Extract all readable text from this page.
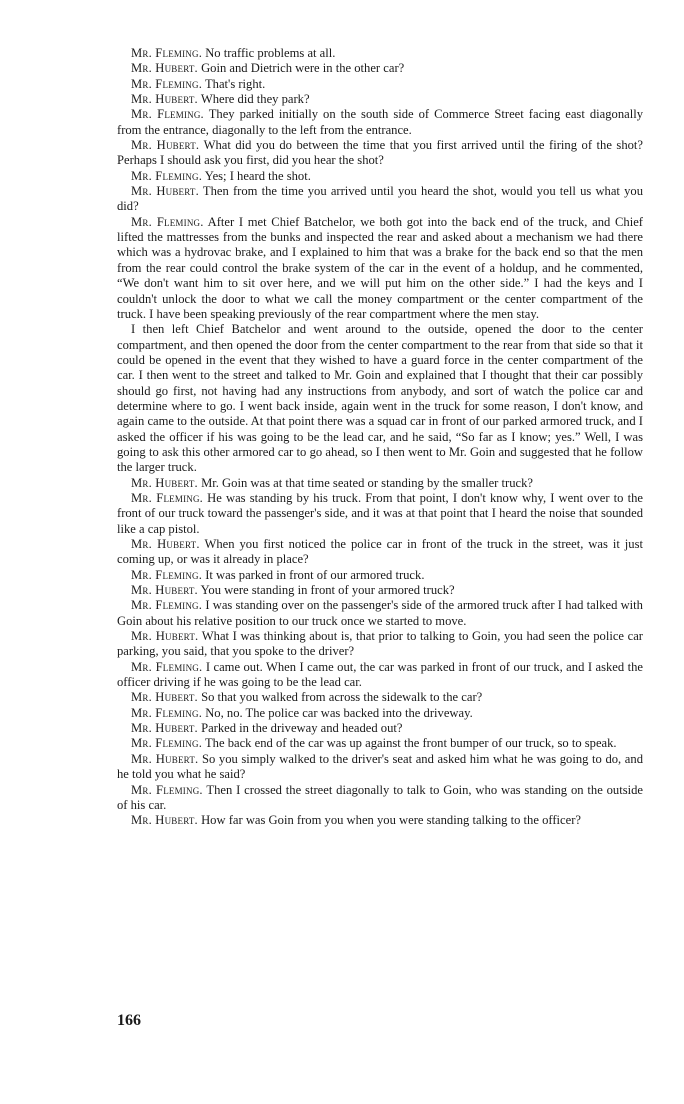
Mr. Fleming. No traffic problems at all.

Mr. Hubert. Goin and Dietrich were in the other car?

Mr. Fleming. That's right.

Mr. Hubert. Where did they park?

Mr. Fleming. They parked initially on the south side of Commerce Street facing east diagonally from the entrance, diagonally to the left from the entrance.

Mr. Hubert. What did you do between the time that you first arrived until the firing of the shot? Perhaps I should ask you first, did you hear the shot?

Mr. Fleming. Yes; I heard the shot.

Mr. Hubert. Then from the time you arrived until you heard the shot, would you tell us what you did?

Mr. Fleming. After I met Chief Batchelor, we both got into the back end of the truck, and Chief lifted the mattresses from the bunks and inspected the rear and asked about a mechanism we had there which was a hydrovac brake, and I explained to him that was a brake for the back end so that the men from the rear could control the brake system of the car in the event of a holdup, and he commented, “We don't want him to sit over here, and we will put him on the other side.” I had the keys and I couldn't unlock the door to what we call the money compartment or the center compartment of the truck. I have been speaking previously of the rear compartment where the men stay.

I then left Chief Batchelor and went around to the outside, opened the door to the center compartment, and then opened the door from the center compartment to the rear from that side so that it could be opened in the event that they wished to have a guard force in the center compartment of the car. I then went to the street and talked to Mr. Goin and explained that I thought that their car possibly should go first, not having had any instructions from anybody, and sort of watch the police car and determine where to go. I went back inside, again went in the truck for some reason, I don't know, and again came to the outside. At that point there was a squad car in front of our parked armored truck, and I asked the officer if his was going to be the lead car, and he said, “So far as I know; yes.” Well, I was going to ask this other armored car to go ahead, so I then went to Mr. Goin and suggested that he follow the larger truck.

Mr. Hubert. Mr. Goin was at that time seated or standing by the smaller truck?

Mr. Fleming. He was standing by his truck. From that point, I don't know why, I went over to the front of our truck toward the passenger's side, and it was at that point that I heard the noise that sounded like a cap pistol.

Mr. Hubert. When you first noticed the police car in front of the truck in the street, was it just coming up, or was it already in place?

Mr. Fleming. It was parked in front of our armored truck.

Mr. Hubert. You were standing in front of your armored truck?

Mr. Fleming. I was standing over on the passenger's side of the armored truck after I had talked with Goin about his relative position to our truck once we started to move.

Mr. Hubert. What I was thinking about is, that prior to talking to Goin, you had seen the police car parking, you said, that you spoke to the driver?

Mr. Fleming. I came out. When I came out, the car was parked in front of our truck, and I asked the officer driving if he was going to be the lead car.

Mr. Hubert. So that you walked from across the sidewalk to the car?

Mr. Fleming. No, no. The police car was backed into the driveway.

Mr. Hubert. Parked in the driveway and headed out?

Mr. Fleming. The back end of the car was up against the front bumper of our truck, so to speak.

Mr. Hubert. So you simply walked to the driver's seat and asked him what he was going to do, and he told you what he said?

Mr. Fleming. Then I crossed the street diagonally to talk to Goin, who was standing on the outside of his car.

Mr. Hubert. How far was Goin from you when you were standing talking to the officer?

166
